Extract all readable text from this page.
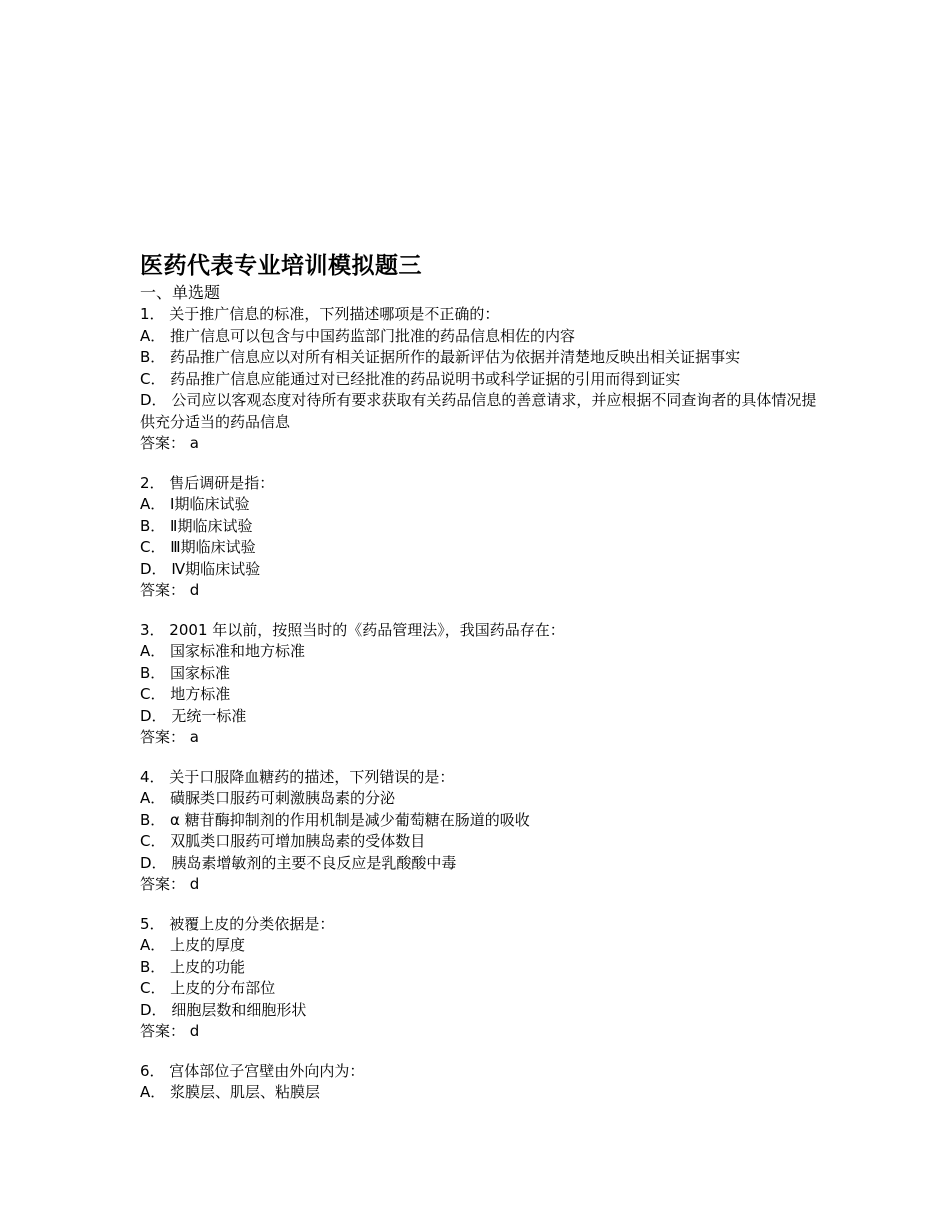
医药代表专业培训模拟题三

一、单选题

1． 关于推广信息的标准，下列描述哪项是不正确的：

A． 推广信息可以包含与中国药监部门批准的药品信息相佐的内容

B． 药品推广信息应以对所有相关证据所作的最新评估为依据并清楚地反映出相关证据事实

C． 药品推广信息应能通过对已经批准的药品说明书或科学证据的引用而得到证实

D． 公司应以客观态度对待所有要求获取有关药品信息的善意请求，并应根据不同查询者的具体情况提供充分适当的药品信息

答案： a

2． 售后调研是指：

A． Ⅰ期临床试验

B． Ⅱ期临床试验

C． Ⅲ期临床试验

D． Ⅳ期临床试验

答案： d

3． 2001 年以前，按照当时的《药品管理法》，我国药品存在：

A． 国家标准和地方标准

B． 国家标准

C． 地方标准

D． 无统一标准

答案： a

4． 关于口服降血糖药的描述，下列错误的是：

A． 磺脲类口服药可刺激胰岛素的分泌

B． α 糖苷酶抑制剂的作用机制是减少葡萄糖在肠道的吸收

C． 双胍类口服药可增加胰岛素的受体数目

D． 胰岛素增敏剂的主要不良反应是乳酸酸中毒

答案： d

5． 被覆上皮的分类依据是：

A． 上皮的厚度

B． 上皮的功能

C． 上皮的分布部位

D． 细胞层数和细胞形状

答案： d

6． 宫体部位子宫壁由外向内为：

A． 浆膜层、肌层、粘膜层
